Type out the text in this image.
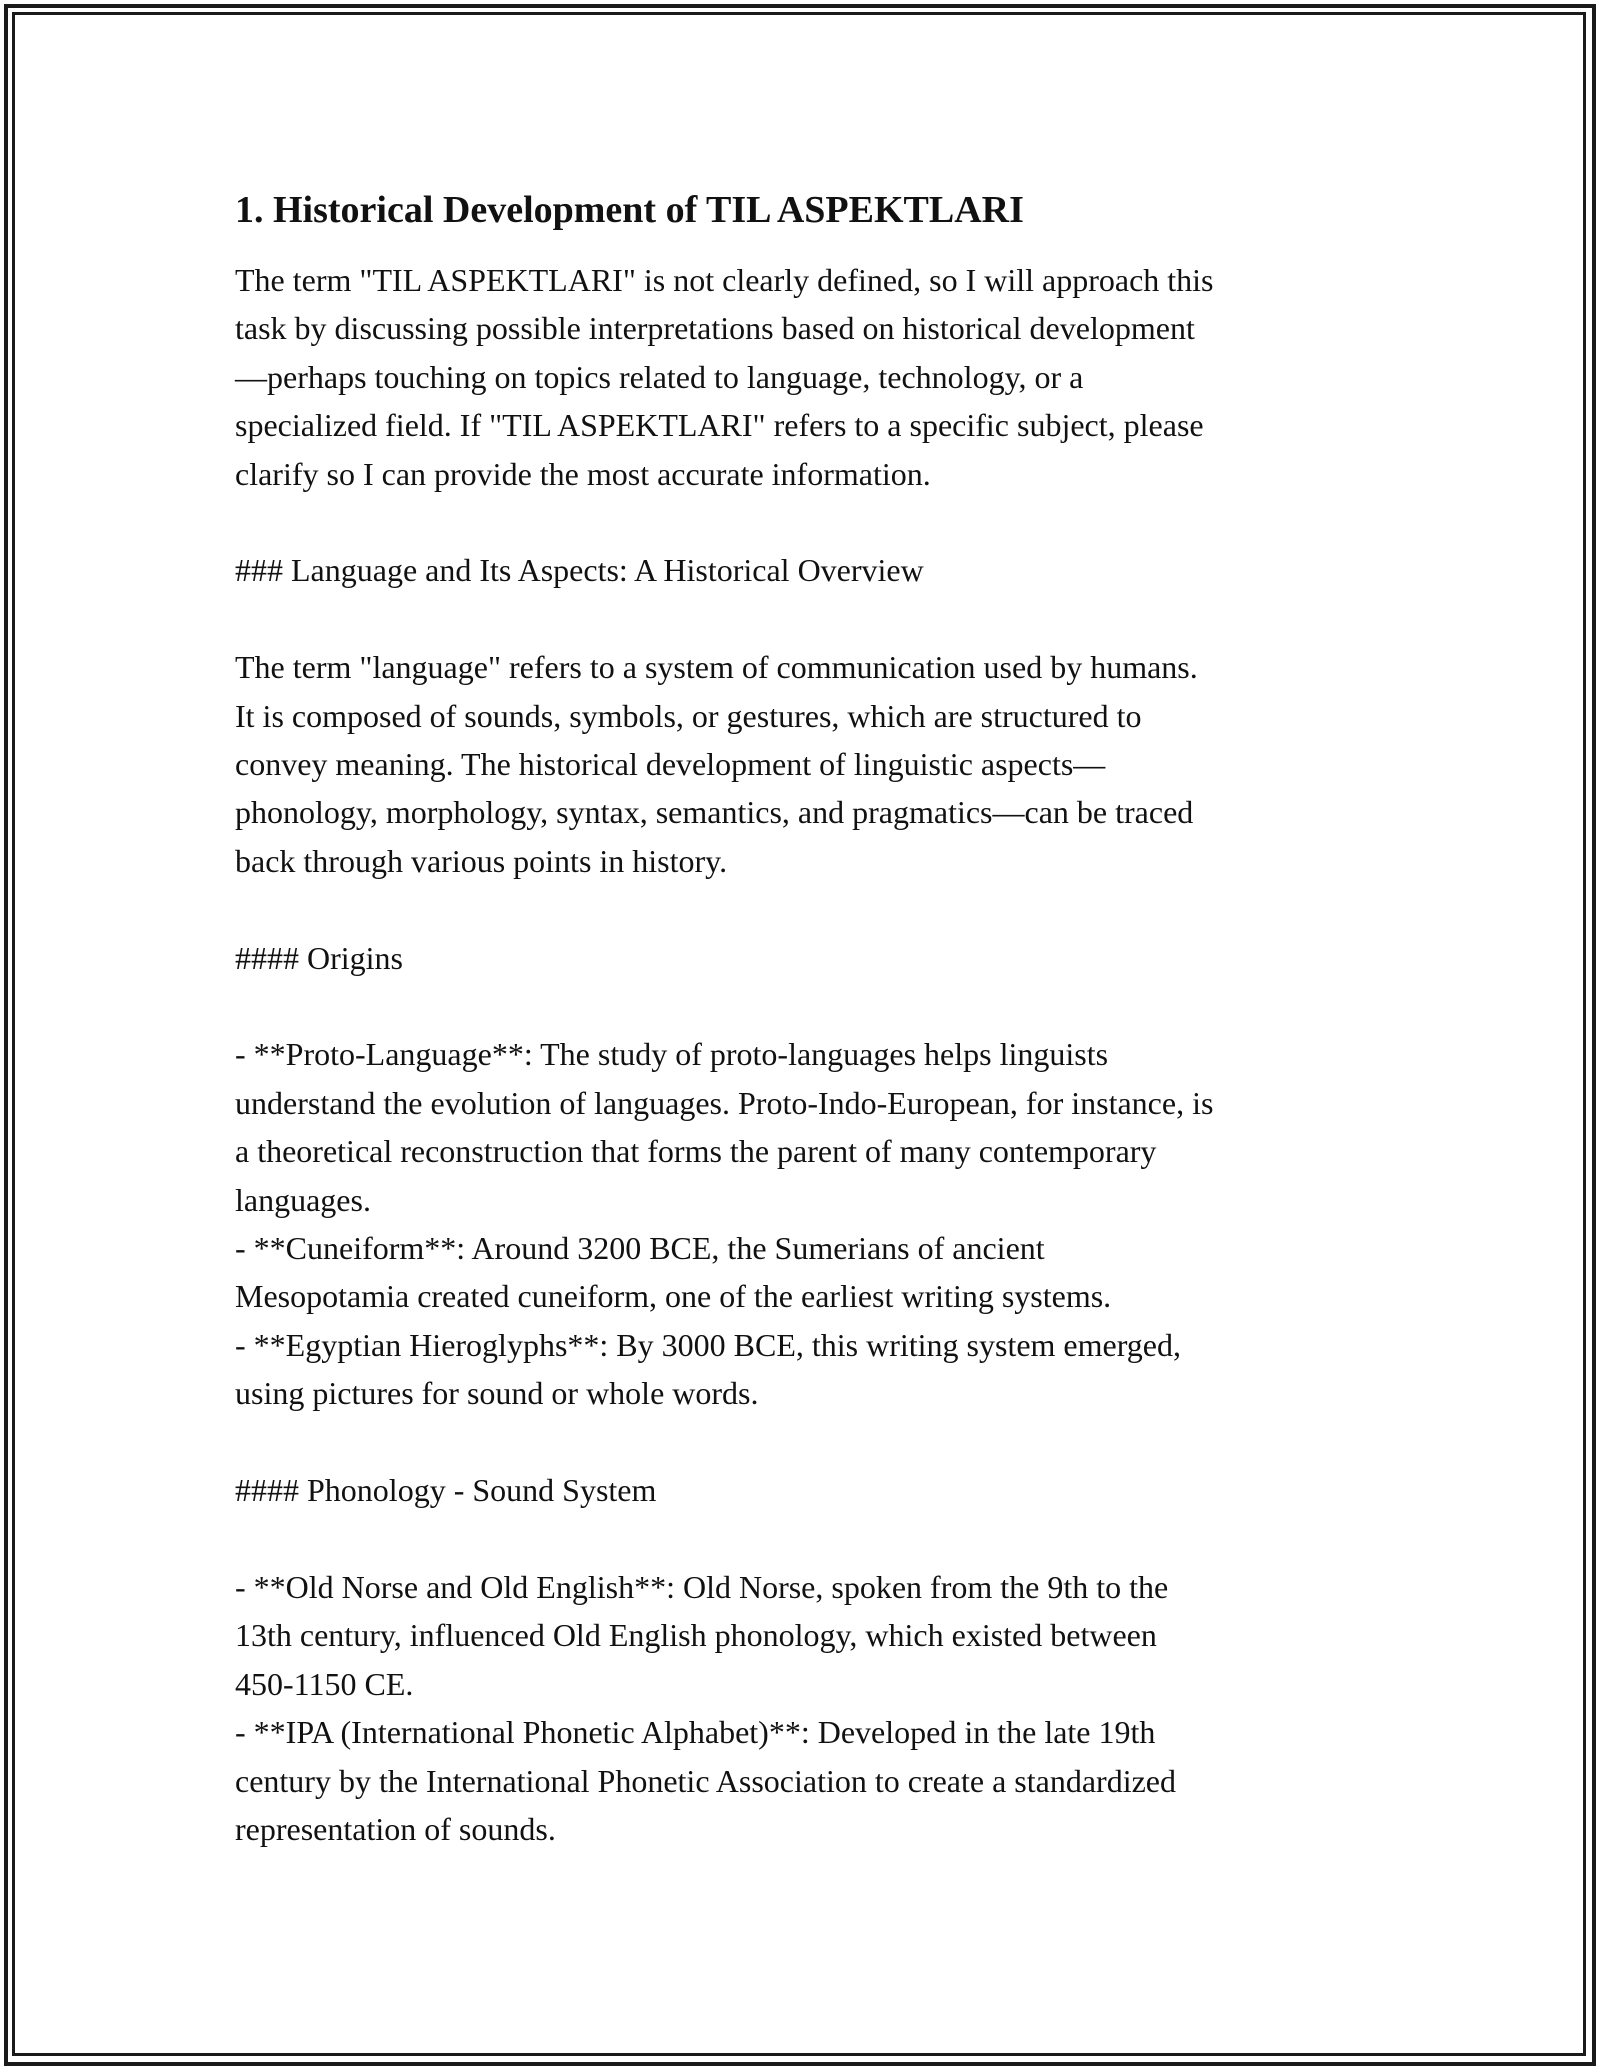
1. Historical Development of TIL ASPEKTLARI
The term "TIL ASPEKTLARI" is not clearly defined, so I will approach this
task by discussing possible interpretations based on historical development
—perhaps touching on topics related to language, technology, or a
specialized field. If "TIL ASPEKTLARI" refers to a specific subject, please
clarify so I can provide the most accurate information.
### Language and Its Aspects: A Historical Overview
The term "language" refers to a system of communication used by humans.
It is composed of sounds, symbols, or gestures, which are structured to
convey meaning. The historical development of linguistic aspects—
phonology, morphology, syntax, semantics, and pragmatics—can be traced
back through various points in history.
#### Origins
- **Proto-Language**: The study of proto-languages helps linguists
understand the evolution of languages. Proto-Indo-European, for instance, is
a theoretical reconstruction that forms the parent of many contemporary
languages.
- **Cuneiform**: Around 3200 BCE, the Sumerians of ancient
Mesopotamia created cuneiform, one of the earliest writing systems.
- **Egyptian Hieroglyphs**: By 3000 BCE, this writing system emerged,
using pictures for sound or whole words.
#### Phonology - Sound System
- **Old Norse and Old English**: Old Norse, spoken from the 9th to the
13th century, influenced Old English phonology, which existed between
450-1150 CE.
- **IPA (International Phonetic Alphabet)**: Developed in the late 19th
century by the International Phonetic Association to create a standardized
representation of sounds.
